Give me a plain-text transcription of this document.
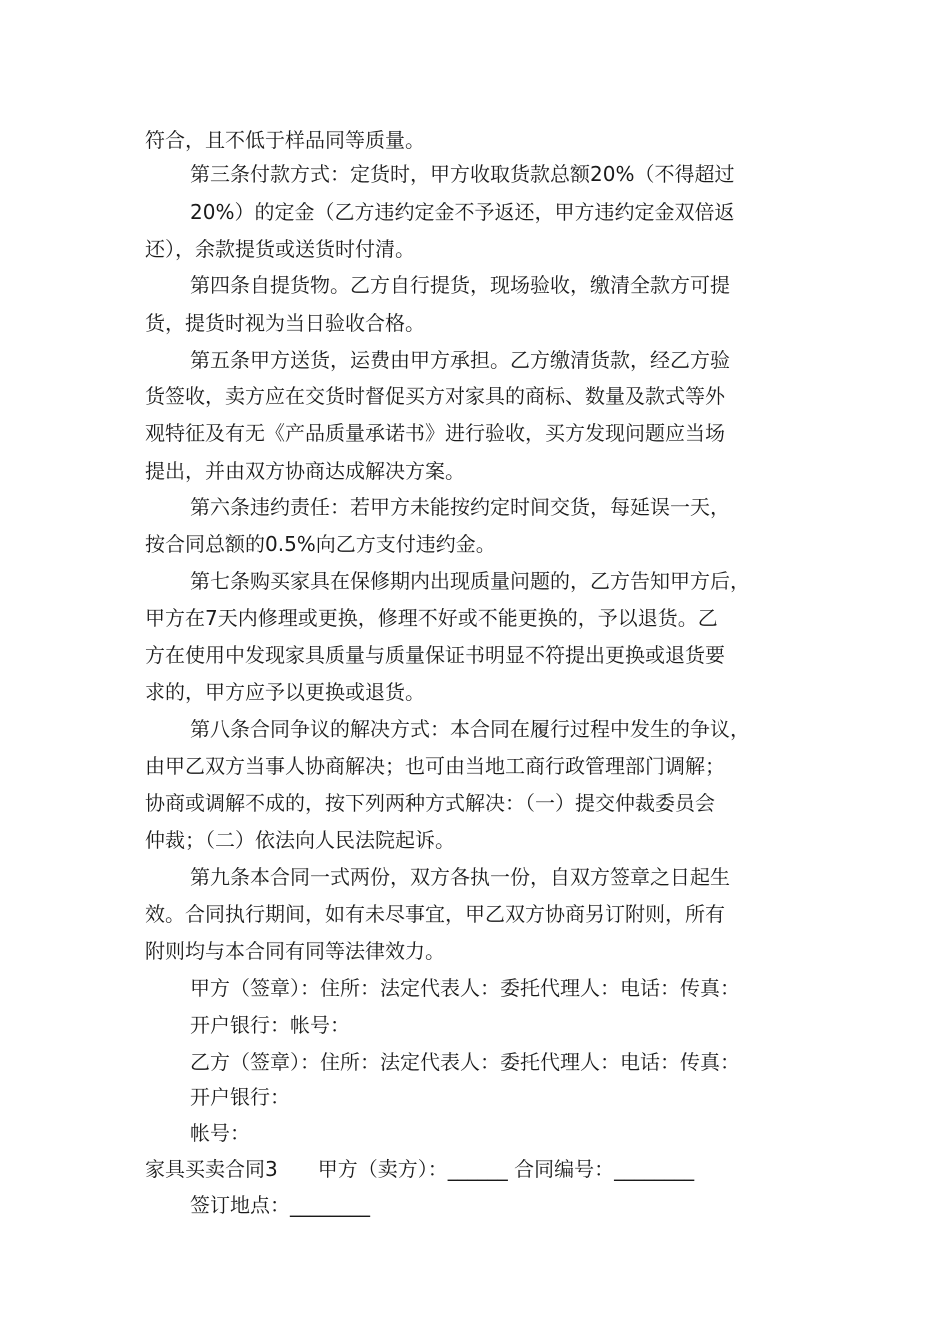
符合，且不低于样品同等质量。
第三条付款方式：定货时，甲方收取货款总额20%（不得超过
20%）的定金（乙方违约定金不予返还，甲方违约定金双倍返
还），余款提货或送货时付清。
第四条自提货物。乙方自行提货，现场验收，缴清全款方可提
货，提货时视为当日验收合格。
第五条甲方送货，运费由甲方承担。乙方缴清货款，经乙方验
货签收，卖方应在交货时督促买方对家具的商标、数量及款式等外
观特征及有无《产品质量承诺书》进行验收，买方发现问题应当场
提出，并由双方协商达成解决方案。
第六条违约责任：若甲方未能按约定时间交货，每延误一天，
按合同总额的0.5%向乙方支付违约金。
第七条购买家具在保修期内出现质量问题的，乙方告知甲方后，
甲方在7天内修理或更换，修理不好或不能更换的，予以退货。乙
方在使用中发现家具质量与质量保证书明显不符提出更换或退货要
求的，甲方应予以更换或退货。
第八条合同争议的解决方式：本合同在履行过程中发生的争议，
由甲乙双方当事人协商解决；也可由当地工商行政管理部门调解；
协商或调解不成的，按下列两种方式解决：（一）提交仲裁委员会
仲裁；（二）依法向人民法院起诉。
第九条本合同一式两份，双方各执一份，自双方签章之日起生
效。合同执行期间，如有未尽事宜，甲乙双方协商另订附则，所有
附则均与本合同有同等法律效力。
甲方（签章）：住所：法定代表人：委托代理人：电话：传真：
开户银行：帐号：
乙方（签章）：住所：法定代表人：委托代理人：电话：传真：
开户银行：
帐号：
家具买卖合同3　　甲方（卖方）：______ 合同编号：________
签订地点：________
